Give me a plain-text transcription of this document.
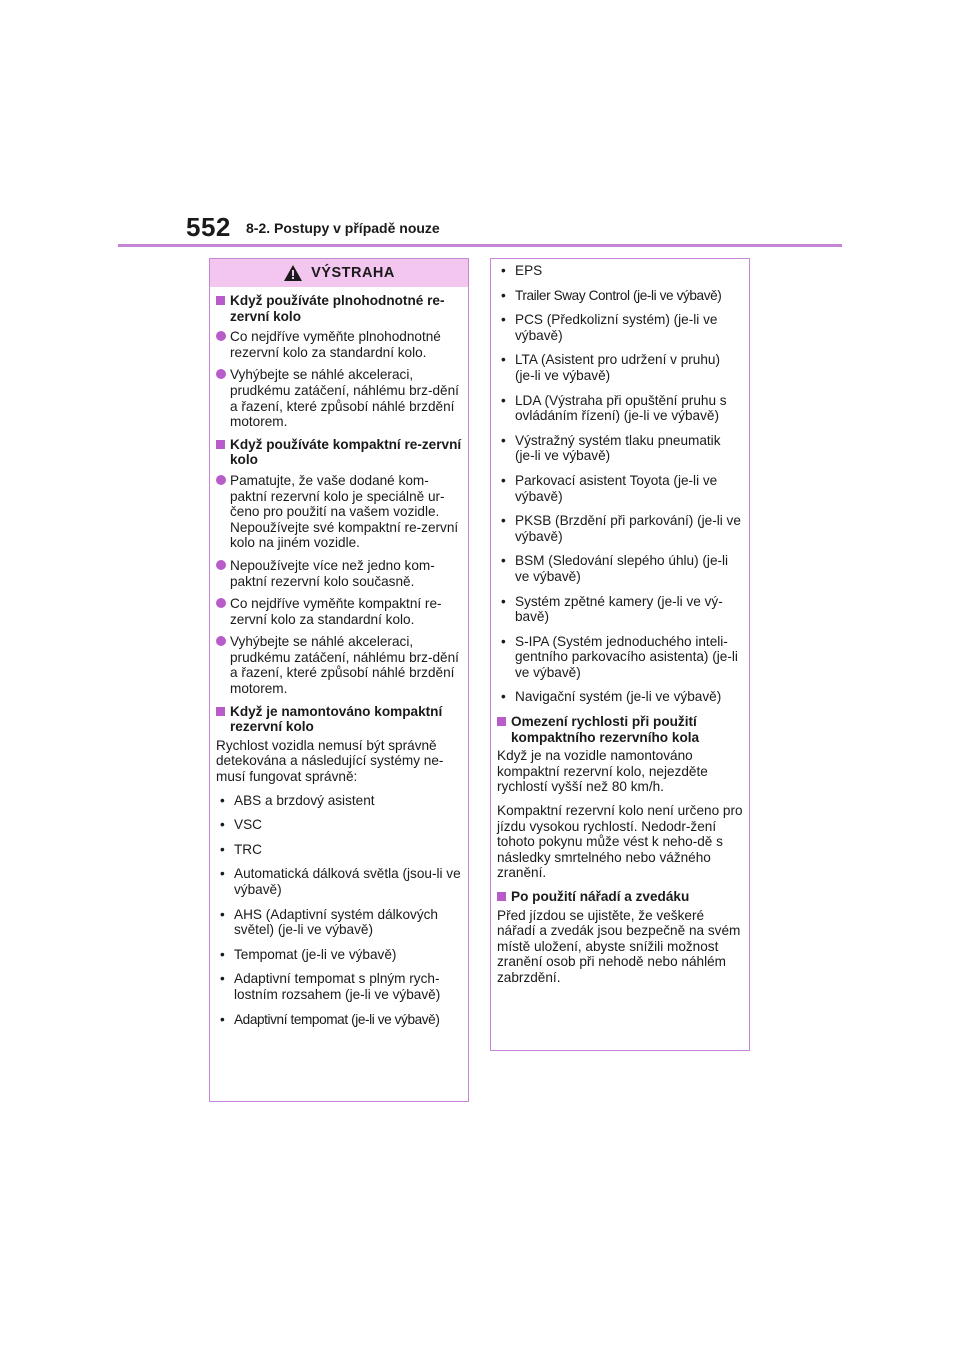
552 8-2. Postupy v případě nouze
VÝSTRAHA
Když používáte plnohodnotné re-zervní kolo
Co nejdříve vyměňte plnohodnotné rezervní kolo za standardní kolo.
Vyhýbejte se náhlé akceleraci, prudkému zatáčení, náhlému brz-dění a řazení, které způsobí náhlé brzdění motorem.
Když používáte kompaktní re-zervní kolo
Pamatujte, že vaše dodané kom-paktní rezervní kolo je speciálně ur-čeno pro použití na vašem vozidle. Nepoužívejte své kompaktní re-zervní kolo na jiném vozidle.
Nepoužívejte více než jedno kom-paktní rezervní kolo současně.
Co nejdříve vyměňte kompaktní re-zervní kolo za standardní kolo.
Vyhýbejte se náhlé akceleraci, prudkému zatáčení, náhlému brz-dění a řazení, které způsobí náhlé brzdění motorem.
Když je namontováno kompaktní rezervní kolo
Rychlost vozidla nemusí být správně detekována a následující systémy ne-musí fungovat správně:
• ABS a brzdový asistent
• VSC
• TRC
• Automatická dálková světla (jsou-li ve výbavě)
• AHS (Adaptivní systém dálkových světel) (je-li ve výbavě)
• Tempomat (je-li ve výbavě)
• Adaptivní tempomat s plným rych-lostním rozsahem (je-li ve výbavě)
• Adaptivní tempomat (je-li ve výbavě)
• EPS
• Trailer Sway Control (je-li ve výbavě)
• PCS (Předkolizní systém) (je-li ve výbavě)
• LTA (Asistent pro udržení v pruhu) (je-li ve výbavě)
• LDA (Výstraha při opuštění pruhu s ovládáním řízení) (je-li ve výbavě)
• Výstražný systém tlaku pneumatik (je-li ve výbavě)
• Parkovací asistent Toyota (je-li ve výbavě)
• PKSB (Brzdění při parkování) (je-li ve výbavě)
• BSM (Sledování slepého úhlu) (je-li ve výbavě)
• Systém zpětné kamery (je-li ve vý-bavě)
• S-IPA (Systém jednoduchého inteli-gentního parkovacího asistenta) (je-li ve výbavě)
• Navigační systém (je-li ve výbavě)
Omezení rychlosti při použití kompaktního rezervního kola
Když je na vozidle namontováno kompaktní rezervní kolo, nejezděte rychlostí vyšší než 80 km/h.
Kompaktní rezervní kolo není určeno pro jízdu vysokou rychlostí. Nedodr-žení tohoto pokynu může vést k neho-dě s následky smrtelného nebo vážného zranění.
Po použití nářadí a zvedáku
Před jízdou se ujistěte, že veškeré nářadí a zvedák jsou bezpečně na svém místě uložení, abyste snížili možnost zranění osob při nehodě nebo náhlém zabrzdění.
